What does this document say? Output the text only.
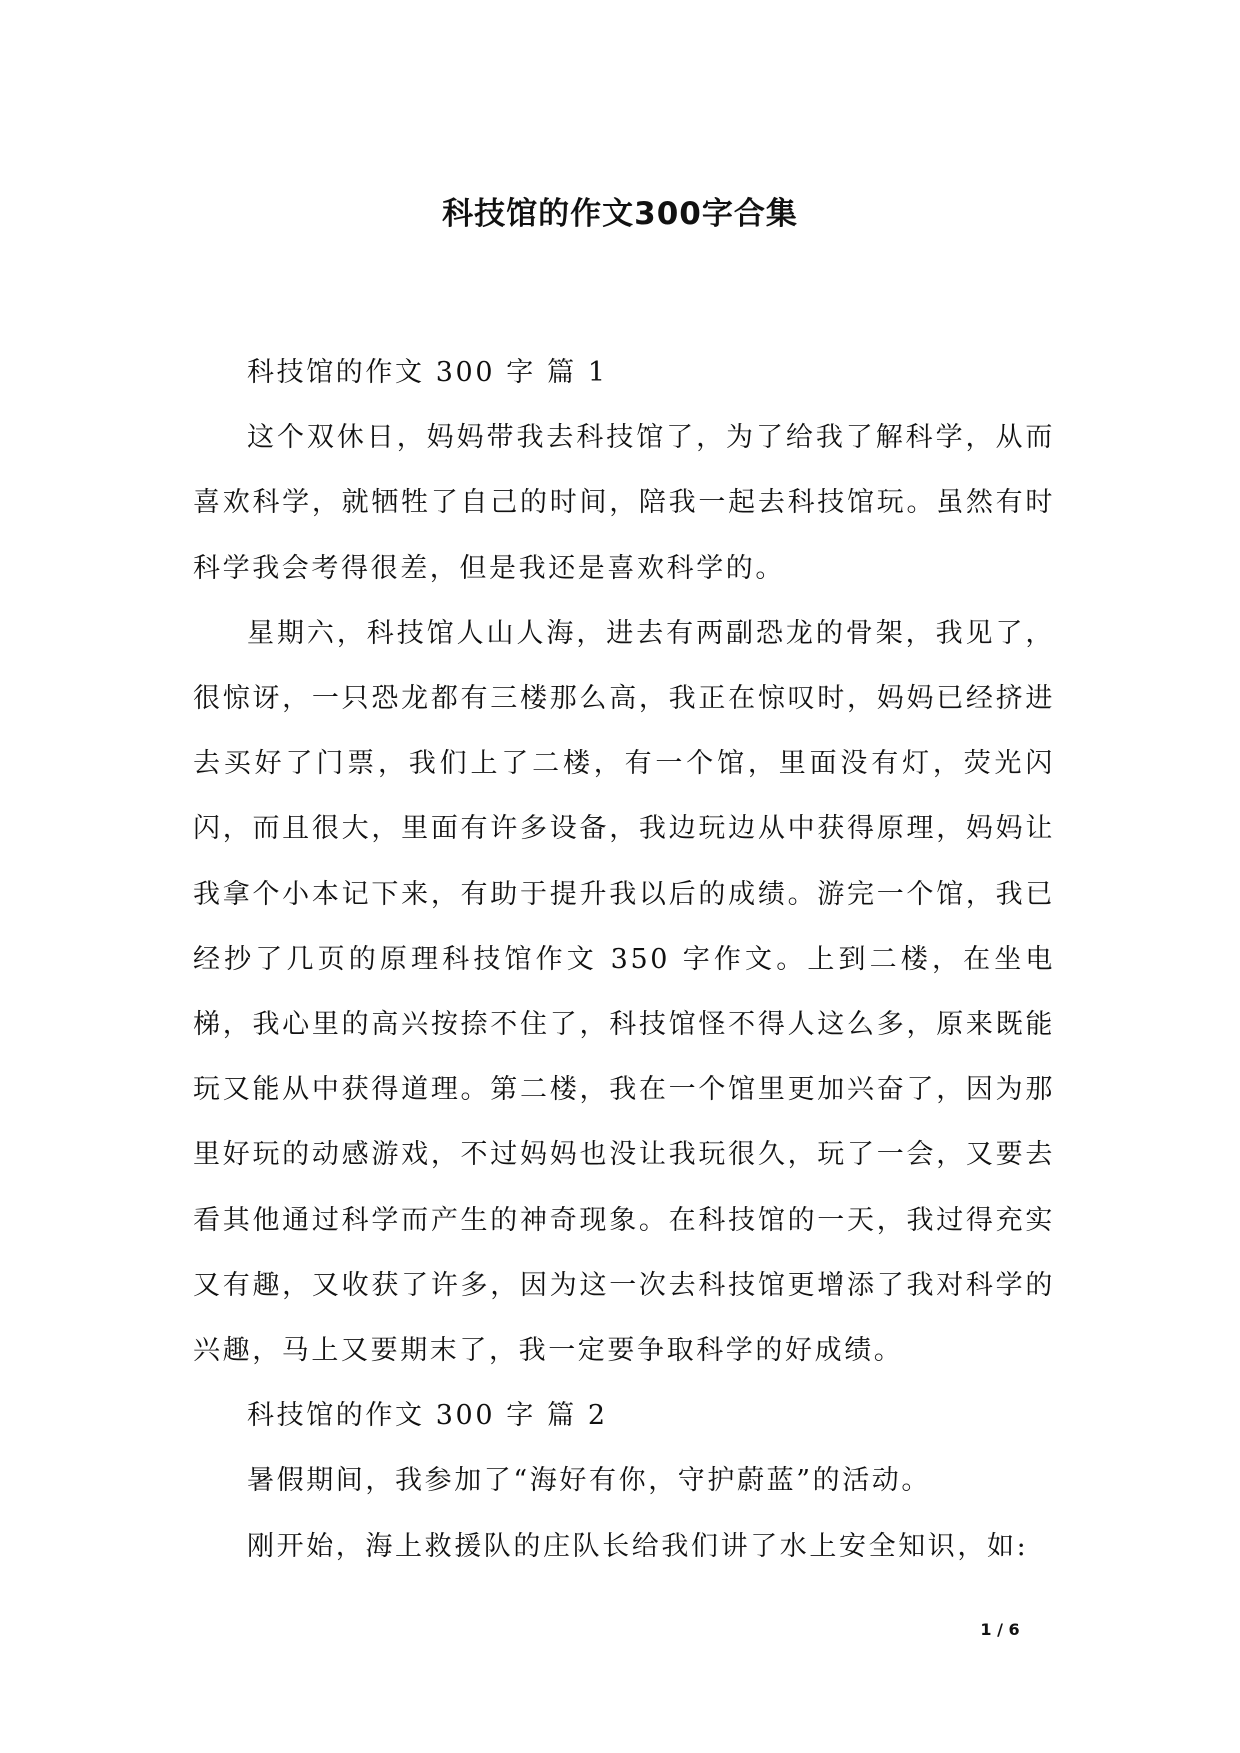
科技馆的作文300字合集

科技馆的作文 300 字 篇 1

这个双休日，妈妈带我去科技馆了，为了给我了解科学，从而喜欢科学，就牺牲了自己的时间，陪我一起去科技馆玩。虽然有时科学我会考得很差，但是我还是喜欢科学的。

星期六，科技馆人山人海，进去有两副恐龙的骨架，我见了，很惊讶，一只恐龙都有三楼那么高，我正在惊叹时，妈妈已经挤进去买好了门票，我们上了二楼，有一个馆，里面没有灯，荧光闪闪，而且很大，里面有许多设备，我边玩边从中获得原理，妈妈让我拿个小本记下来，有助于提升我以后的成绩。游完一个馆，我已经抄了几页的原理科技馆作文 350 字作文。上到二楼，在坐电梯，我心里的高兴按捺不住了，科技馆怪不得人这么多，原来既能玩又能从中获得道理。第二楼，我在一个馆里更加兴奋了，因为那里好玩的动感游戏，不过妈妈也没让我玩很久，玩了一会，又要去看其他通过科学而产生的神奇现象。在科技馆的一天，我过得充实又有趣，又收获了许多，因为这一次去科技馆更增添了我对科学的兴趣，马上又要期末了，我一定要争取科学的好成绩。

科技馆的作文 300 字 篇 2

暑假期间，我参加了“海好有你，守护蔚蓝”的活动。

刚开始，海上救援队的庄队长给我们讲了水上安全知识，如:

1 / 6
